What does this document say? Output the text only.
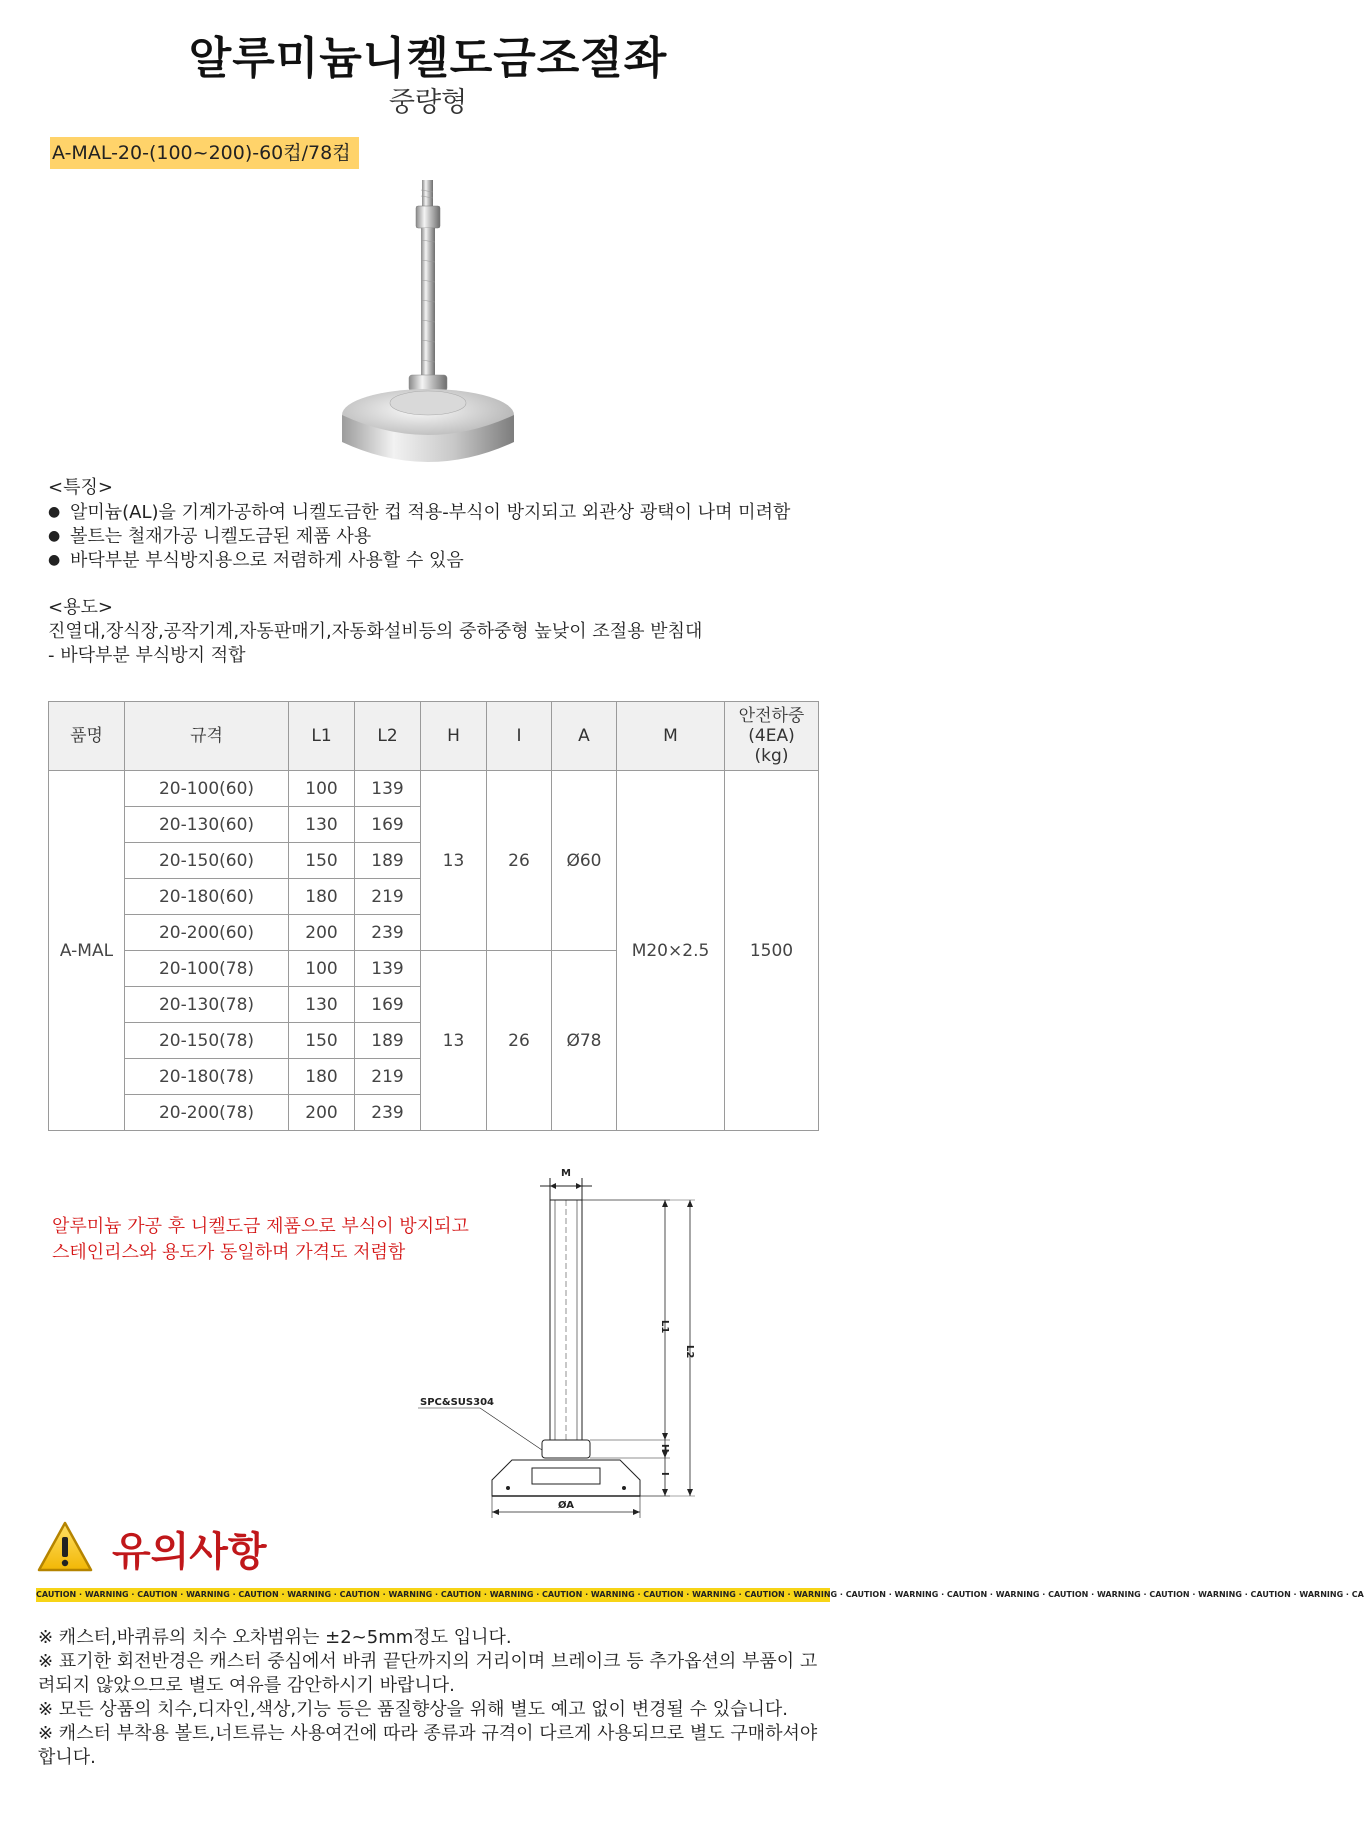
알루미늄니켈도금조절좌
중량형
A-MAL-20-(100~200)-60컵/78컵
<특징>
● 알미늄(AL)을 기계가공하여 니켈도금한 컵 적용-부식이 방지되고 외관상 광택이 나며 미려함
● 볼트는 철재가공 니켈도금된 제품 사용
● 바닥부분 부식방지용으로 저렴하게 사용할 수 있음
<용도>
진열대,장식장,공작기계,자동판매기,자동화설비등의 중하중형 높낮이 조절용 받침대
- 바닥부분 부식방지 적합
품명	규격	L1	L2	H	I	A	M	안전하중
(4EA)
(kg)
A-MAL	20-100(60)	100	139	13	26	Ø60	M20×2.5	1500
	20-130(60)	130	169					
	20-150(60)	150	189					
	20-180(60)	180	219					
	20-200(60)	200	239					
	20-100(78)	100	139	13	26	Ø78		
	20-130(78)	130	169					
	20-150(78)	150	189					
	20-180(78)	180	219					
	20-200(78)	200	239					
알루미늄 가공 후 니켈도금 제품으로 부식이 방지되고
스테인리스와 용도가 동일하며 가격도 저렴함
M
L1
L2
H
I
ØA
SPC&SUS304
유의사항
CAUTION · WARNING · CAUTION · WARNING · CAUTION · WARNING · CAUTION · WARNING · CAUTION · WARNING · CAUTION · WARNING · CAUTION · WARNING · CAUTION · WARNING · CAUTION · WARNING · CAUTION · WARNING · CAUTION · WARNING · CAUTION · WARNING · CAUTION · WARNING · CA
※ 캐스터,바퀴류의 치수 오차범위는 ±2~5mm정도 입니다.
※ 표기한 회전반경은 캐스터 중심에서 바퀴 끝단까지의 거리이며 브레이크 등 추가옵션의 부품이 고려되지 않았으므로 별도 여유를 감안하시기 바랍니다.
※ 모든 상품의 치수,디자인,색상,기능 등은 품질향상을 위해 별도 예고 없이 변경될 수 있습니다.
※ 캐스터 부착용 볼트,너트류는 사용여건에 따라 종류과 규격이 다르게 사용되므로 별도 구매하셔야 합니다.
